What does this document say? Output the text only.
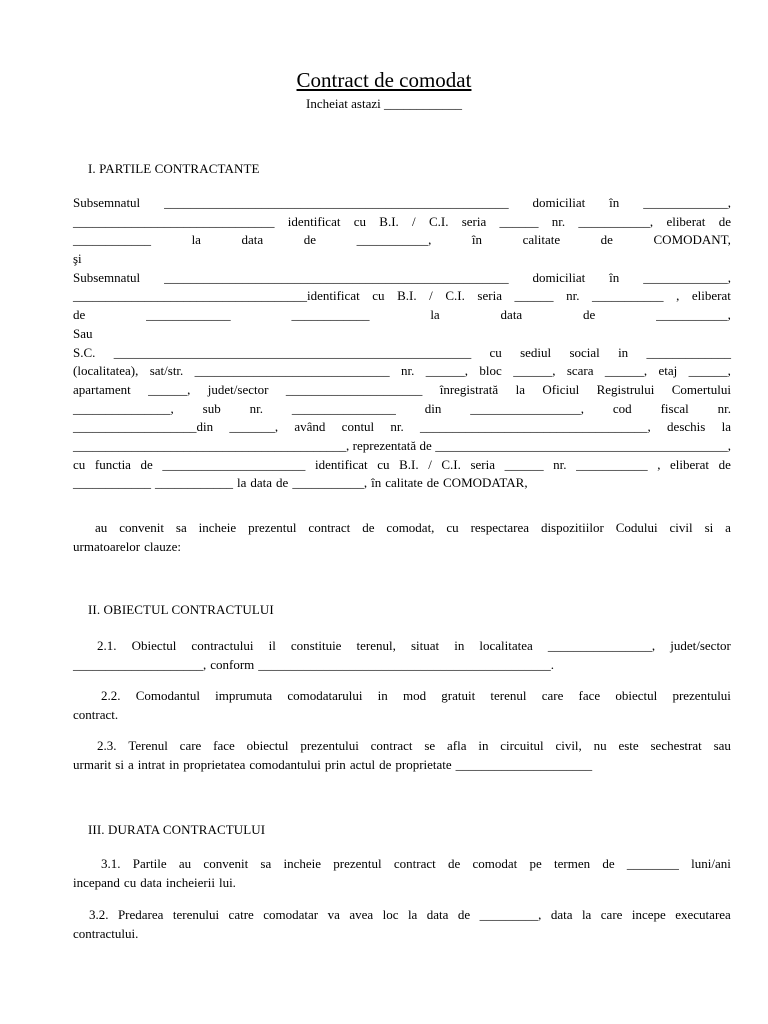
Contract de comodat
Incheiat astazi ____________
I. PARTILE CONTRACTANTE
Subsemnatul _____________________________________________________ domiciliat în _____________,
_______________________________ identificat cu B.I. / C.I. seria ______ nr. ___________, eliberat de
____________	la	data	de	___________,	în	calitate	de	COMODANT,
şi
Subsemnatul _____________________________________________________ domiciliat în _____________,
____________________________________identificat cu B.I. / C.I. seria ______ nr. ___________ , eliberat
de	_____________	____________	la	data	de	___________,
Sau
S.C. _______________________________________________________ cu sediul social in _____________
(localitatea), sat/str. ______________________________ nr. ______, bloc ______, scara ______, etaj ______,
apartament ______, judet/sector _____________________ înregistrată la Oficiul Registrului Comertului
_______________, sub nr. ________________ din _________________, cod fiscal nr.
___________________din _______, având contul nr. ___________________________________, deschis la
__________________________________________, reprezentată de _____________________________________________,
cu functia de ______________________ identificat cu B.I. / C.I. seria ______ nr. ___________ , eliberat de
____________ ____________ la data de ___________, în calitate de COMODATAR,
au convenit sa incheie prezentul contract de comodat, cu respectarea dispozitiilor Codului civil si a
urmatoarelor clauze:
II. OBIECTUL CONTRACTULUI
2.1. Obiectul contractului il constituie terenul, situat in localitatea ________________, judet/sector
____________________, conform _____________________________________________.
2.2. Comodantul imprumuta comodatarului in mod gratuit terenul care face obiectul prezentului
contract.
2.3. Terenul care face obiectul prezentului contract se afla in circuitul civil, nu este sechestrat sau
urmarit si a intrat in proprietatea comodantului prin actul de proprietate _____________________
III. DURATA CONTRACTULUI
3.1. Partile au convenit sa incheie prezentul contract de comodat pe termen de ________ luni/ani
incepand cu data incheierii lui.
3.2. Predarea terenului catre comodatar va avea loc la data de _________, data la care incepe executarea
contractului.
